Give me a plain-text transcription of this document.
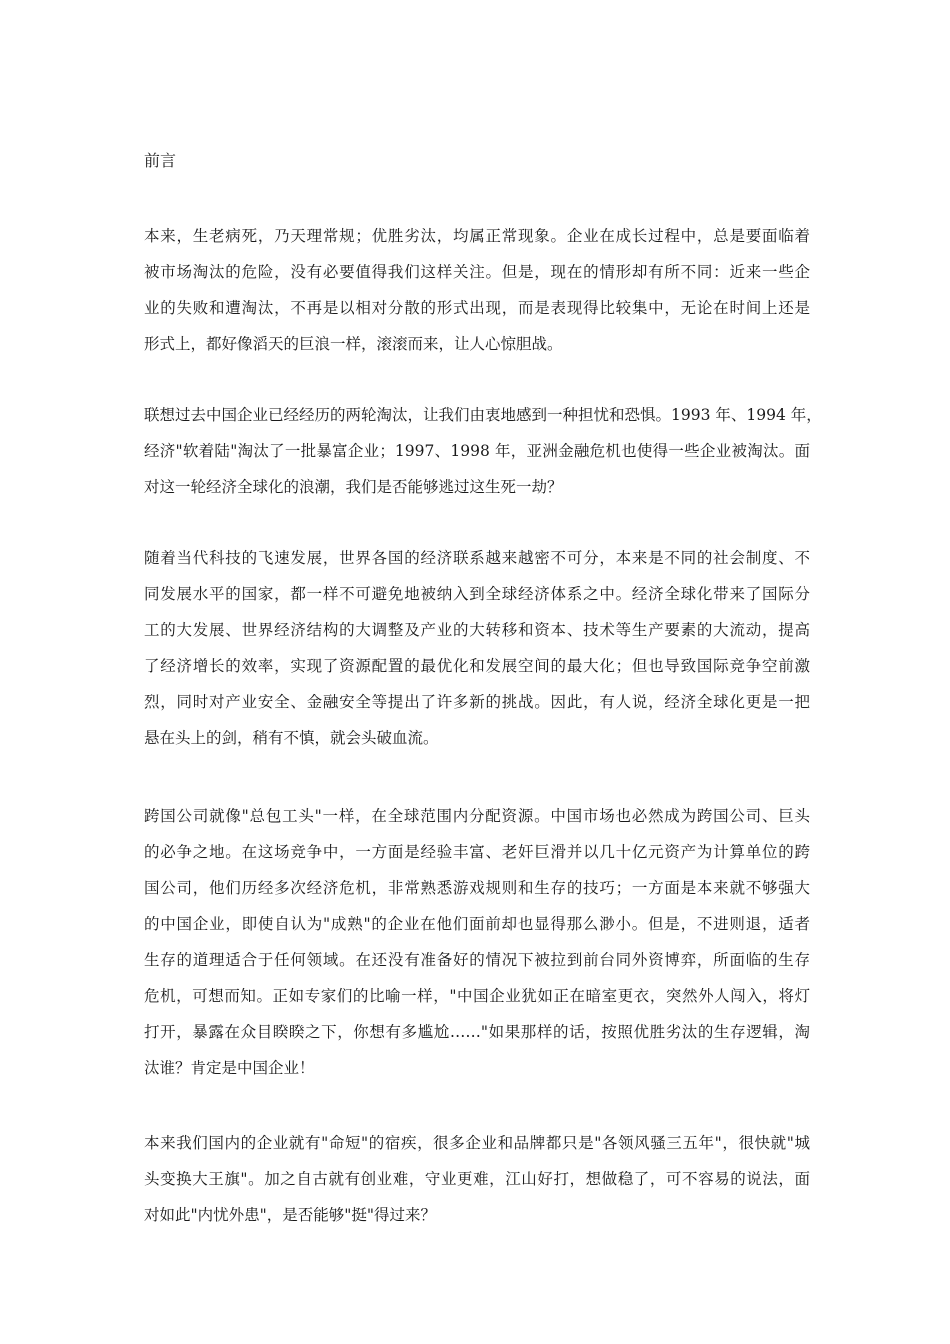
前言
本来，生老病死，乃天理常规；优胜劣汰，均属正常现象。企业在成长过程中，总是要面临着
被市场淘汰的危险，没有必要值得我们这样关注。但是，现在的情形却有所不同：近来一些企
业的失败和遭淘汰，不再是以相对分散的形式出现，而是表现得比较集中，无论在时间上还是
形式上，都好像滔天的巨浪一样，滚滚而来，让人心惊胆战。
联想过去中国企业已经经历的两轮淘汰，让我们由衷地感到一种担忧和恐惧。1993 年、1994 年，
经济"软着陆"淘汰了一批暴富企业；1997、1998 年，亚洲金融危机也使得一些企业被淘汰。面
对这一轮经济全球化的浪潮，我们是否能够逃过这生死一劫？
随着当代科技的飞速发展，世界各国的经济联系越来越密不可分，本来是不同的社会制度、不
同发展水平的国家，都一样不可避免地被纳入到全球经济体系之中。经济全球化带来了国际分
工的大发展、世界经济结构的大调整及产业的大转移和资本、技术等生产要素的大流动，提高
了经济增长的效率，实现了资源配置的最优化和发展空间的最大化；但也导致国际竞争空前激
烈，同时对产业安全、金融安全等提出了许多新的挑战。因此，有人说，经济全球化更是一把
悬在头上的剑，稍有不慎，就会头破血流。
跨国公司就像"总包工头"一样，在全球范围内分配资源。中国市场也必然成为跨国公司、巨头
的必争之地。在这场竞争中，一方面是经验丰富、老奸巨滑并以几十亿元资产为计算单位的跨
国公司，他们历经多次经济危机，非常熟悉游戏规则和生存的技巧；一方面是本来就不够强大
的中国企业，即使自认为"成熟"的企业在他们面前却也显得那么渺小。但是，不进则退，适者
生存的道理适合于任何领域。在还没有准备好的情况下被拉到前台同外资博弈，所面临的生存
危机，可想而知。正如专家们的比喻一样，"中国企业犹如正在暗室更衣，突然外人闯入，将灯
打开，暴露在众目睽睽之下，你想有多尴尬……"如果那样的话，按照优胜劣汰的生存逻辑，淘
汰谁？肯定是中国企业！
本来我们国内的企业就有"命短"的宿疾，很多企业和品牌都只是"各领风骚三五年"，很快就"城
头变换大王旗"。加之自古就有创业难，守业更难，江山好打，想做稳了，可不容易的说法，面
对如此"内忧外患"，是否能够"挺"得过来？
